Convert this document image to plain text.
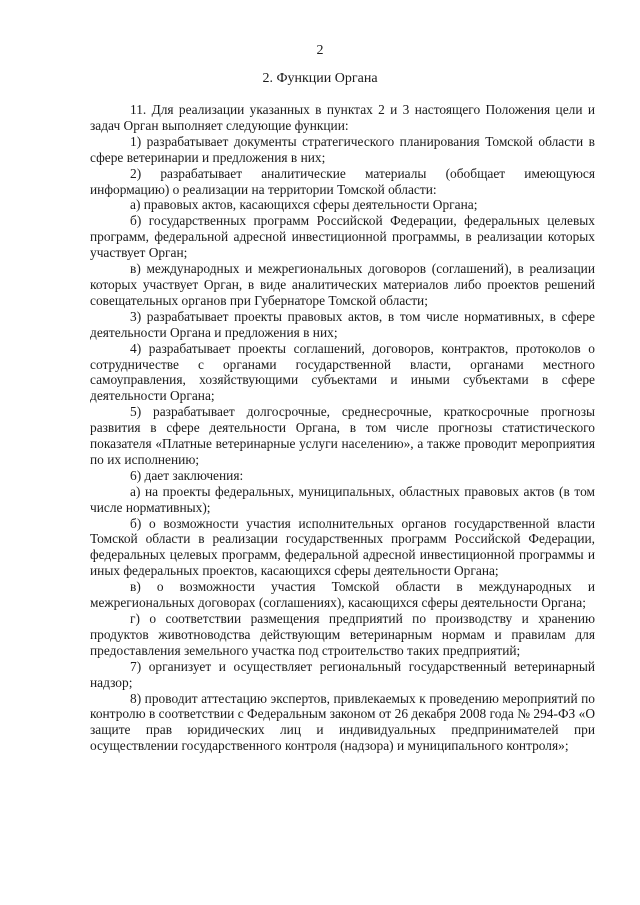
2
2. Функции Органа

11. Для реализации указанных в пунктах 2 и 3 настоящего Положения цели и задач Орган выполняет следующие функции:

1) разрабатывает документы стратегического планирования Томской области в сфере ветеринарии и предложения в них;

2) разрабатывает аналитические материалы (обобщает имеющуюся информацию) о реализации на территории Томской области:

а) правовых актов, касающихся сферы деятельности Органа;

б) государственных программ Российской Федерации, федеральных целевых программ, федеральной адресной инвестиционной программы, в реализации которых участвует Орган;

в) международных и межрегиональных договоров (соглашений), в реализации которых участвует Орган, в виде аналитических материалов либо проектов решений совещательных органов при Губернаторе Томской области;

3) разрабатывает проекты правовых актов, в том числе нормативных, в сфере деятельности Органа и предложения в них;

4) разрабатывает проекты соглашений, договоров, контрактов, протоколов о сотрудничестве с органами государственной власти, органами местного самоуправления, хозяйствующими субъектами и иными субъектами в сфере деятельности Органа;

5) разрабатывает долгосрочные, среднесрочные, краткосрочные прогнозы развития в сфере деятельности Органа, в том числе прогнозы статистического показателя «Платные ветеринарные услуги населению», а также проводит мероприятия по их исполнению;

6) дает заключения:

а) на проекты федеральных, муниципальных, областных правовых актов (в том числе нормативных);

б) о возможности участия исполнительных органов государственной власти Томской области в реализации государственных программ Российской Федерации, федеральных целевых программ, федеральной адресной инвестиционной программы и иных федеральных проектов, касающихся сферы деятельности Органа;

в) о возможности участия Томской области в международных и межрегиональных договорах (соглашениях), касающихся сферы деятельности Органа;

г) о соответствии размещения предприятий по производству и хранению продуктов животноводства действующим ветеринарным нормам и правилам для предоставления земельного участка под строительство таких предприятий;

7) организует и осуществляет региональный государственный ветеринарный надзор;

8) проводит аттестацию экспертов, привлекаемых к проведению мероприятий по контролю в соответствии с Федеральным законом от 26 декабря 2008 года № 294-ФЗ «О защите прав юридических лиц и индивидуальных предпринимателей при осуществлении государственного контроля (надзора) и муниципального контроля»;
